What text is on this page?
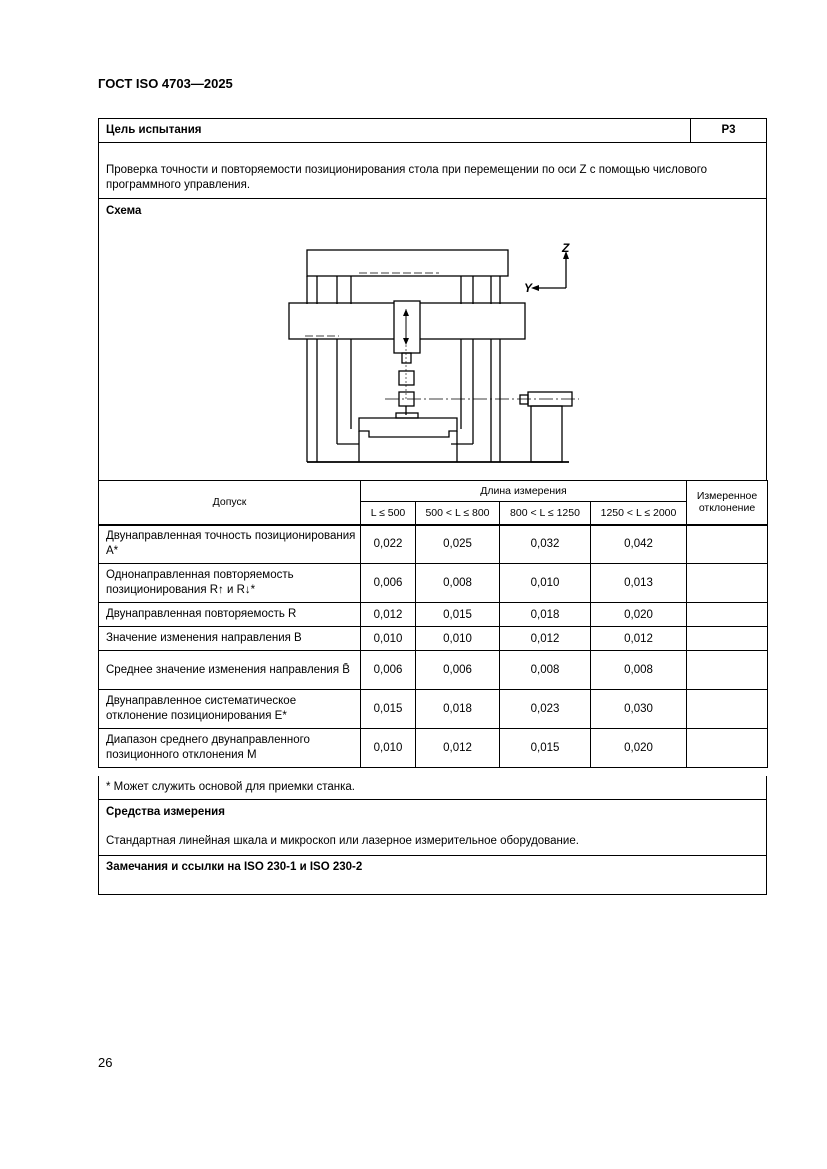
ГОСТ ISO 4703—2025
Цель испытания	P3
Проверка точности и повторяемости позиционирования стола при перемещении по оси Z с помощью числового программного управления.
Схема
Z
Y
Допуск	Длина измерения				Измеренное отклонение
	L ≤ 500	500 < L ≤ 800	800 < L ≤ 1250	1250 < L ≤ 2000	
Двунаправленная точность позиционирования A*	0,022	0,025	0,032	0,042	
Однонаправленная повторяемость позиционирования R↑ и R↓*	0,006	0,008	0,010	0,013	
Двунаправленная повторяемость R	0,012	0,015	0,018	0,020	
Значение изменения направления B	0,010	0,010	0,012	0,012	
Среднее значение изменения направления B̄	0,006	0,006	0,008	0,008	
Двунаправленное систематическое отклонение позиционирования E*	0,015	0,018	0,023	0,030	
Диапазон среднего двунаправленного позиционного отклонения M	0,010	0,012	0,015	0,020	
* Может служить основой для приемки станка.
Средства измерения
Стандартная линейная шкала и микроскоп или лазерное измерительное оборудование.
Замечания и ссылки на ISO 230-1 и ISO 230-2
26
